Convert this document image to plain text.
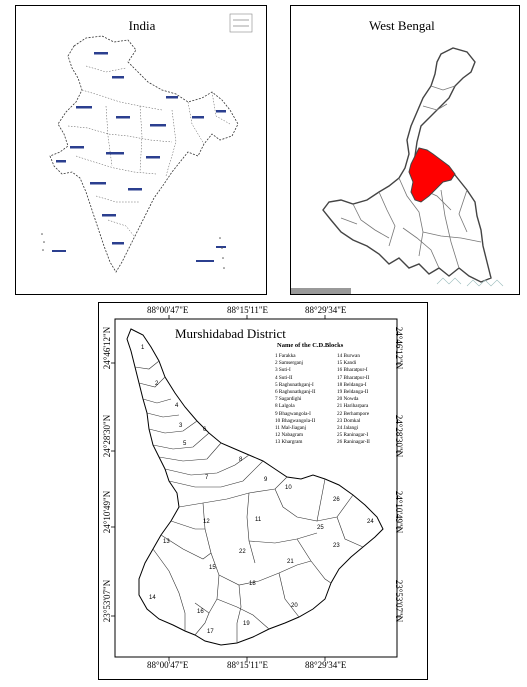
India	West Bengal
88°00'47"E	88°15'11"E	88°29'34"E
88°00'47"E	88°15'11"E	88°29'34"E
24°46'12"N
24°28'30"N
24°10'49"N
23°53'07"N
24°46'12"N
24°28'30"N
24°10'49"N
23°53'07"N
1
2
3
4
5
6
7
8
9
10
11
12
13
14
15
16
17
18
19
20
21
22
23
24
25
26
Murshidabad District
Name of the C.D.Blocks
1 Farakka
2 Samserganj
3 Suti-I
4 Suti-II
5 Raghunathganj-I
6 Raghunathganj-II
7 Sagardighi
8 Lalgola
9 Bhagwangola-I
10 Bhagwangola-II
11 Mal-Jiaganj
12 Nabagram
13 Khargram
14 Burwan
15 Kandi
16 Bharatpur-I
17 Bharatpur-II
18 Beldanga-I
19 Beldanga-II
20 Nowda
21 Hariharpara
22 Berhampore
23 Domkal
24 Jalangi
25 Raninagar-I
26 Raninagar-II
